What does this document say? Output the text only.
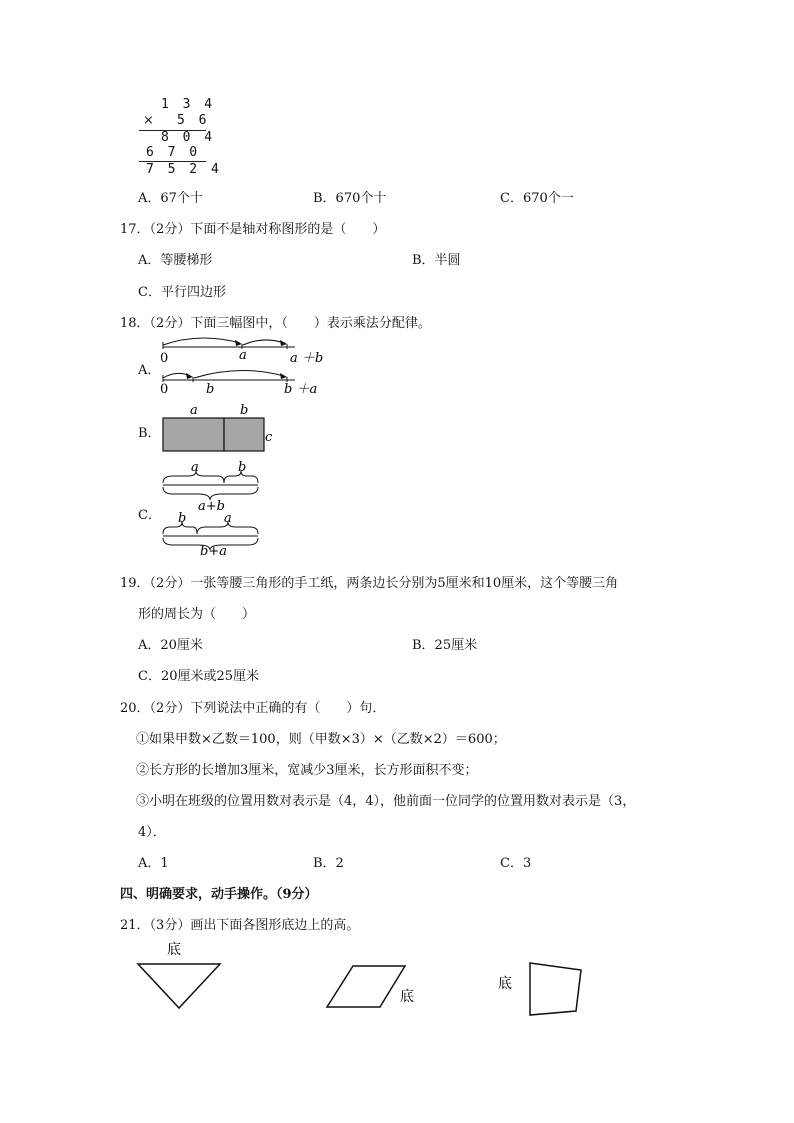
1 3 4
× 5 6
8 0 4
6 7 0
7 5 2 4
A．67个十	B．670个十	C．670个一
17．（2分）下面不是轴对称图形的是（　　）
A．等腰梯形	B．半圆
C．平行四边形
18．（2分）下面三幅图中，（　　）表示乘法分配律。
A．
0	a	a ＋b
0	b	b ＋a
B．
a	b
c
C．
a	b
a+b
b	a
b+a
19．（2分）一张等腰三角形的手工纸，两条边长分别为5厘米和10厘米，这个等腰三角
形的周长为（　　）
A．20厘米	B．25厘米
C．20厘米或25厘米
20．（2分）下列说法中正确的有（　　）句．
①如果甲数×乙数＝100，则（甲数×3）×（乙数×2）＝600；
②长方形的长增加3厘米，宽减少3厘米，长方形面积不变；
③小明在班级的位置用数对表示是（4，4），他前面一位同学的位置用数对表示是（3，
4）．
A．1	B．2	C．3
四、明确要求，动手操作。（9分）
21．（3分）画出下面各图形底边上的高。
底
底
底
